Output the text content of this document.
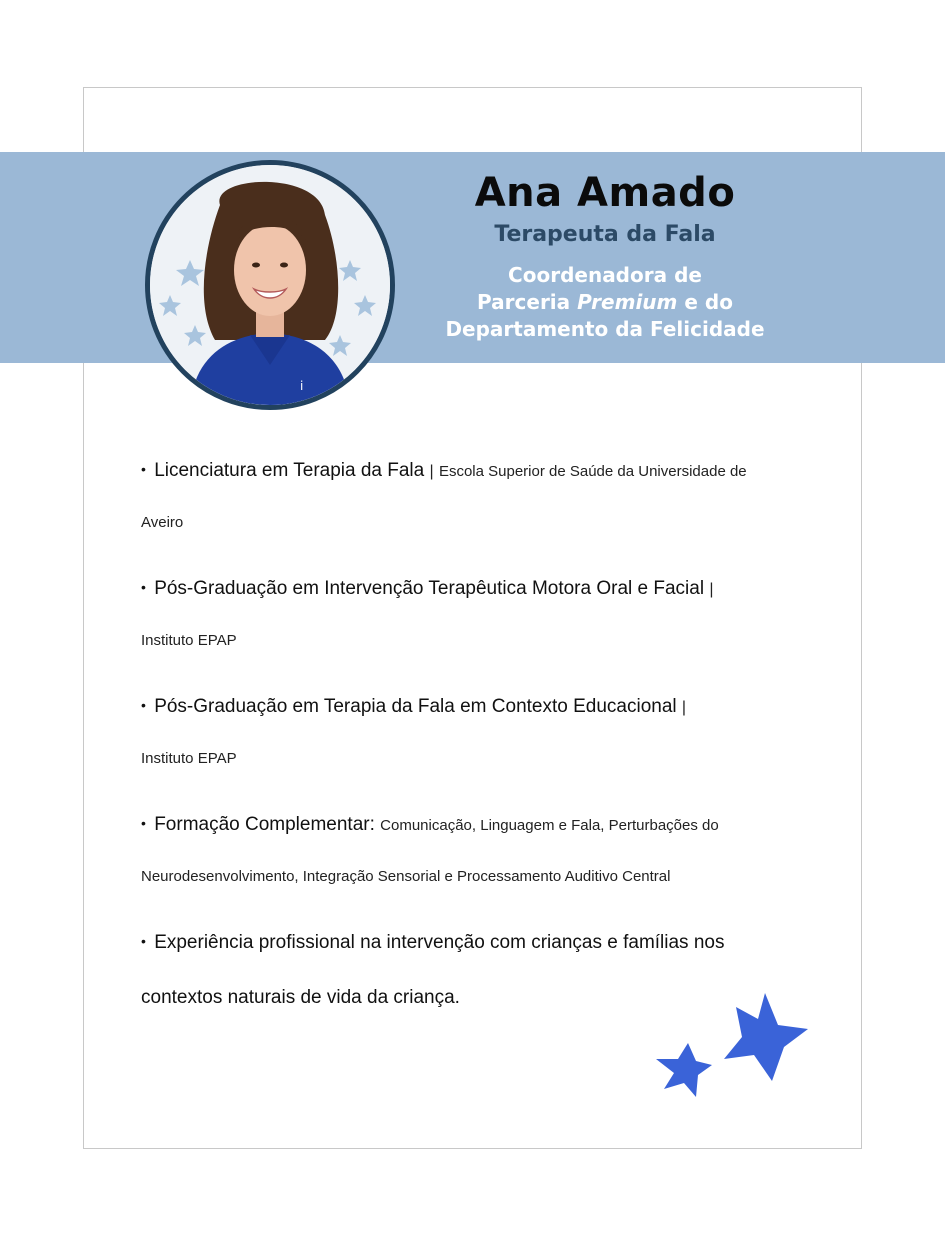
i
Ana Amado
Terapeuta da Fala
Coordenadora de
Parceria Premium e do
Departamento da Felicidade
• Licenciatura em Terapia da Fala | Escola Superior de Saúde da Universidade de
Aveiro
• Pós-Graduação em Intervenção Terapêutica Motora Oral e Facial |
Instituto EPAP
• Pós-Graduação em Terapia da Fala em Contexto Educacional |
Instituto EPAP
• Formação Complementar: Comunicação, Linguagem e Fala, Perturbações do
Neurodesenvolvimento, Integração Sensorial e Processamento Auditivo Central
• Experiência profissional na intervenção com crianças e famílias nos
contextos naturais de vida da criança.
